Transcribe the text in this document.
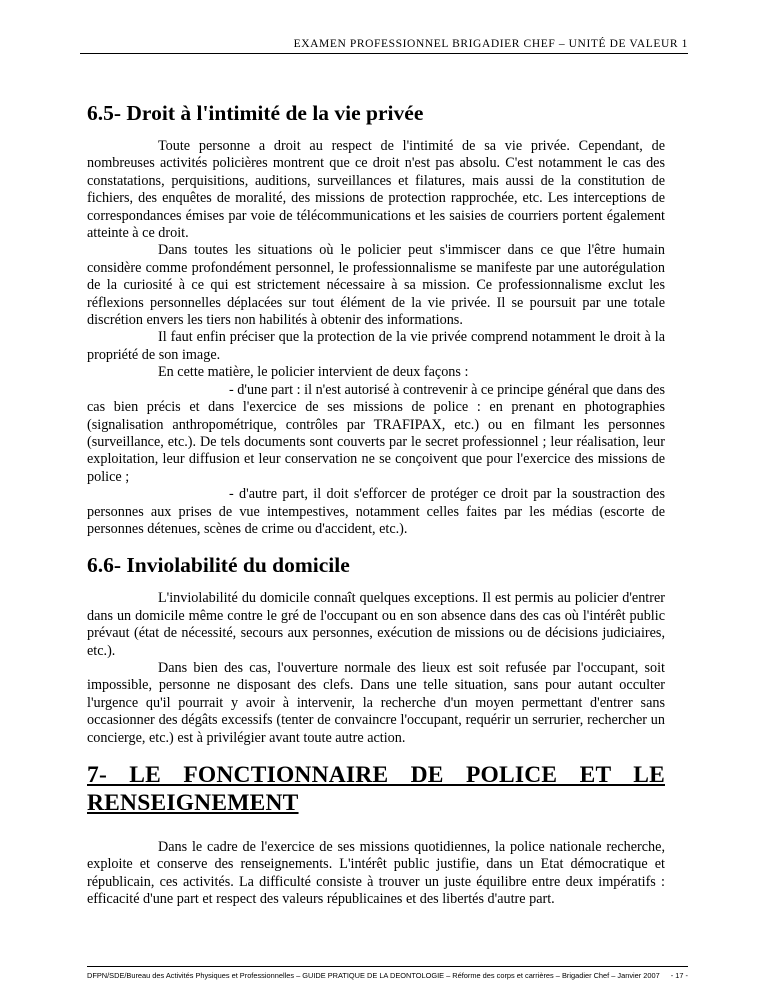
EXAMEN PROFESSIONNEL BRIGADIER CHEF – UNITÉ DE VALEUR 1
6.5- Droit à l'intimité de la vie privée

Toute personne a droit au respect de l'intimité de sa vie privée. Cependant, de nombreuses activités policières montrent que ce droit n'est pas absolu. C'est notamment le cas des constatations, perquisitions, auditions, surveillances et filatures, mais aussi de la constitution de fichiers, des enquêtes de moralité, des missions de protection rapprochée, etc. Les interceptions de correspondances émises par voie de télécommunications et les saisies de courriers portent également atteinte à ce droit.

Dans toutes les situations où le policier peut s'immiscer dans ce que l'être humain considère comme profondément personnel, le professionnalisme se manifeste par une autorégulation de la curiosité à ce qui est strictement nécessaire à sa mission. Ce professionnalisme exclut les réflexions personnelles déplacées sur tout élément de la vie privée. Il se poursuit par une totale discrétion envers les tiers non habilités à obtenir des informations.

Il faut enfin préciser que la protection de la vie privée comprend notamment le droit à la propriété de son image.

En cette matière, le policier intervient de deux façons :

- d'une part : il n'est autorisé à contrevenir à ce principe général que dans des cas bien précis et dans l'exercice de ses missions de police : en prenant en photographies (signalisation anthropométrique, contrôles par TRAFIPAX, etc.) ou en filmant les personnes (surveillance, etc.). De tels documents sont couverts par le secret professionnel ; leur réalisation, leur exploitation, leur diffusion et leur conservation ne se conçoivent que pour l'exercice des missions de police ;

- d'autre part, il doit s'efforcer de protéger ce droit par la soustraction des personnes aux prises de vue intempestives, notamment celles faites par les médias (escorte de personnes détenues, scènes de crime ou d'accident, etc.).

6.6- Inviolabilité du domicile

L'inviolabilité du domicile connaît quelques exceptions. Il est permis au policier d'entrer dans un domicile même contre le gré de l'occupant ou en son absence dans des cas où l'intérêt public prévaut (état de nécessité, secours aux personnes, exécution de missions ou de décisions judiciaires, etc.).

Dans bien des cas, l'ouverture normale des lieux est soit refusée par l'occupant, soit impossible, personne ne disposant des clefs. Dans une telle situation, sans pour autant occulter l'urgence qu'il pourrait y avoir à intervenir, la recherche d'un moyen permettant d'entrer sans occasionner des dégâts excessifs (tenter de convaincre l'occupant, requérir un serrurier, rechercher un concierge, etc.) est à privilégier avant toute autre action.

7- LE FONCTIONNAIRE DE POLICE ET LE RENSEIGNEMENT

Dans le cadre de l'exercice de ses missions quotidiennes, la police nationale recherche, exploite et conserve des renseignements. L'intérêt public justifie, dans un Etat démocratique et républicain, ces activités. La difficulté consiste à trouver un juste équilibre entre deux impératifs : efficacité d'une part et respect des valeurs républicaines et des libertés d'autre part.

DFPN/SDE/Bureau des Activités Physiques et Professionnelles – GUIDE PRATIQUE DE LA DEONTOLOGIE – Réforme des corps et carrières – Brigadier Chef – Janvier 2007 - 17 -
